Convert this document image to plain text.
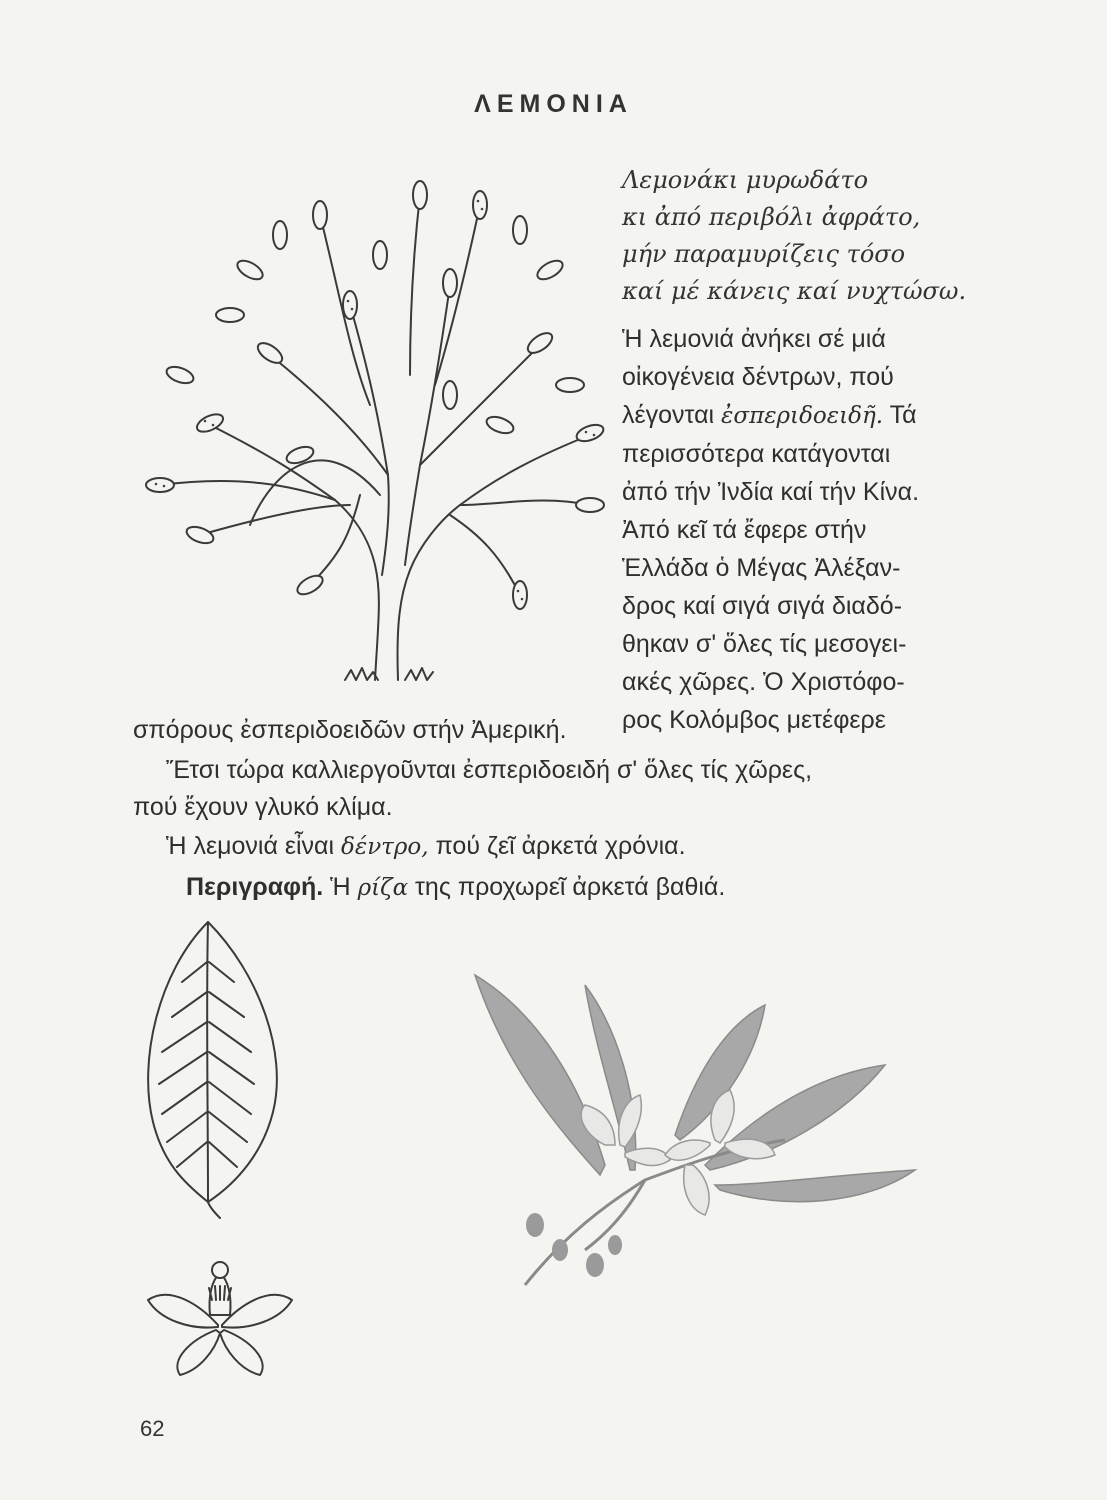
ΛΕΜΟΝΙΑ
Λεμονάκι μυρωδάτο
κι ἀπό περιβόλι ἀφράτο,
μήν παραμυρίζεις τόσο
καί μέ κάνεις καί νυχτώσω.
Ἡ λεμονιά ἀνήκει σέ μιά
οἰκογένεια δέντρων, πού
λέγονται ἐσπεριδοειδῆ. Τά
περισσότερα κατάγονται
ἀπό τήν Ἰνδία καί τήν Κίνα.
Ἀπό κεῖ τά ἔφερε στήν
Ἑλλάδα ὁ Μέγας Ἀλέξαν-
δρος καί σιγά σιγά διαδό-
θηκαν σ' ὅλες τίς μεσογει-
ακές χῶρες. Ὁ Χριστόφο-
ρος Κολόμβος μετέφερε
σπόρους ἐσπεριδοειδῶν στήν Ἀμερική.
Ἔτσι τώρα καλλιεργοῦνται ἐσπεριδοειδή σ' ὅλες τίς χῶρες,
πού ἔχουν γλυκό κλίμα.
Ἡ λεμονιά εἶναι δέντρο, πού ζεῖ ἀρκετά χρόνια.
Περιγραφή. Ἡ ρίζα της προχωρεῖ ἀρκετά βαθιά.
62
